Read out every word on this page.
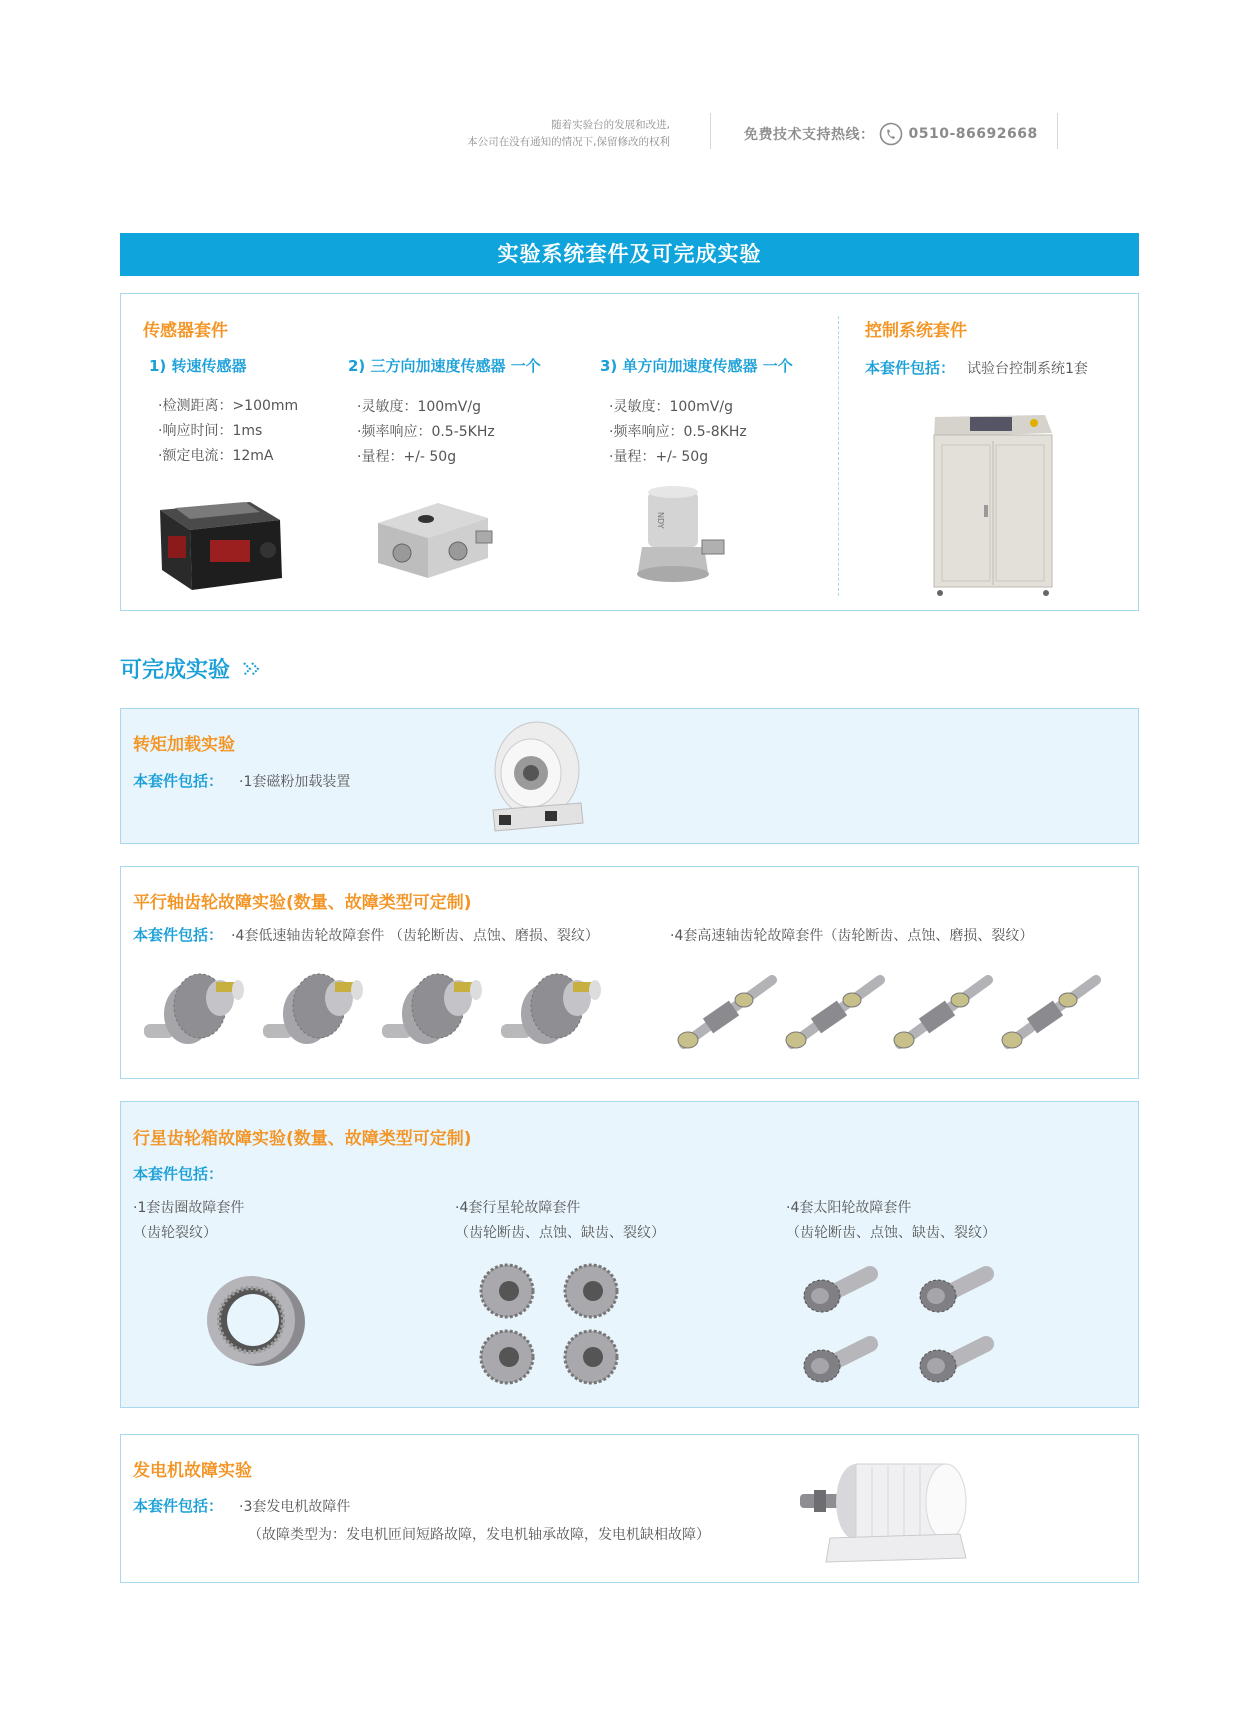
随着实验台的发展和改进,
本公司在没有通知的情况下,保留修改的权利	免费技术支持热线： 0510-86692668
实验系统套件及可完成实验
传感器套件
1) 转速传感器
·检测距离：>100mm
·响应时间：1ms
·额定电流：12mA
2) 三方向加速度传感器 一个
·灵敏度：100mV/g
·频率响应：0.5-5KHz
·量程：+/- 50g
3) 单方向加速度传感器 一个
·灵敏度：100mV/g
·频率响应：0.5-8KHz
·量程：+/- 50g
NDY
控制系统套件
本套件包括： 试验台控制系统1套
可完成实验
转矩加载实验
本套件包括： ·1套磁粉加载装置
平行轴齿轮故障实验(数量、故障类型可定制)
本套件包括： ·4套低速轴齿轮故障套件 （齿轮断齿、点蚀、磨损、裂纹）	·4套高速轴齿轮故障套件（齿轮断齿、点蚀、磨损、裂纹）
行星齿轮箱故障实验(数量、故障类型可定制)
本套件包括：
·1套齿圈故障套件
（齿轮裂纹）
·4套行星轮故障套件
（齿轮断齿、点蚀、缺齿、裂纹）
·4套太阳轮故障套件
（齿轮断齿、点蚀、缺齿、裂纹）
发电机故障实验
本套件包括： ·3套发电机故障件
（故障类型为：发电机匝间短路故障，发电机轴承故障，发电机缺相故障）
